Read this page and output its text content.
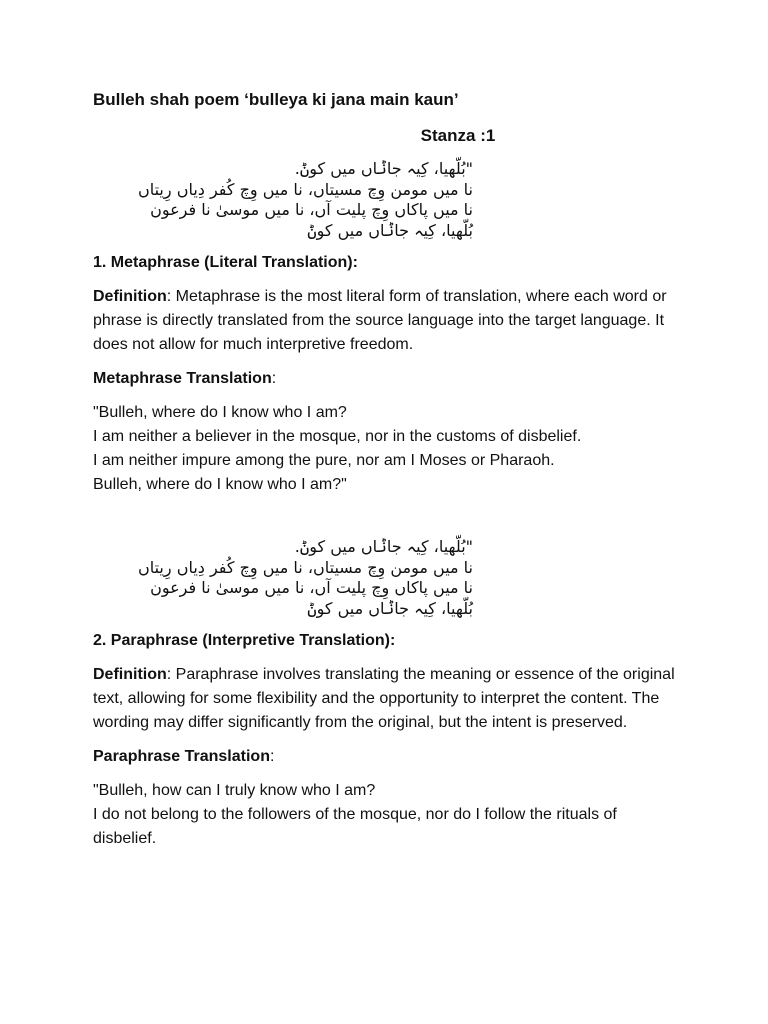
Bulleh shah poem ‘bulleya ki jana main kaun’
Stanza :1
"بُلّھیا، کِیہ جاݨاں میں کوݨ.
نا میں مومن وِچ مسیتاں، نا میں وِچ کُفر دِیاں رِیتاں
نا میں پاکاں وِچ پلیت آں، نا میں موسیٰ نا فرعون
بُلّھیا، کِیہ جاݨاں میں کوݨ
1. Metaphrase (Literal Translation):
Definition: Metaphrase is the most literal form of translation, where each word or phrase is directly translated from the source language into the target language. It does not allow for much interpretive freedom.
Metaphrase Translation:
"Bulleh, where do I know who I am?
I am neither a believer in the mosque, nor in the customs of disbelief.
I am neither impure among the pure, nor am I Moses or Pharaoh.
Bulleh, where do I know who I am?"
"بُلّھیا، کِیہ جاݨاں میں کوݨ.
نا میں مومن وِچ مسیتاں، نا میں وِچ کُفر دِیاں رِیتاں
نا میں پاکاں وِچ پلیت آں، نا میں موسیٰ نا فرعون
بُلّھیا، کِیہ جاݨاں میں کوݨ
2. Paraphrase (Interpretive Translation):
Definition: Paraphrase involves translating the meaning or essence of the original text, allowing for some flexibility and the opportunity to interpret the content. The wording may differ significantly from the original, but the intent is preserved.
Paraphrase Translation:
"Bulleh, how can I truly know who I am?
I do not belong to the followers of the mosque, nor do I follow the rituals of disbelief.
